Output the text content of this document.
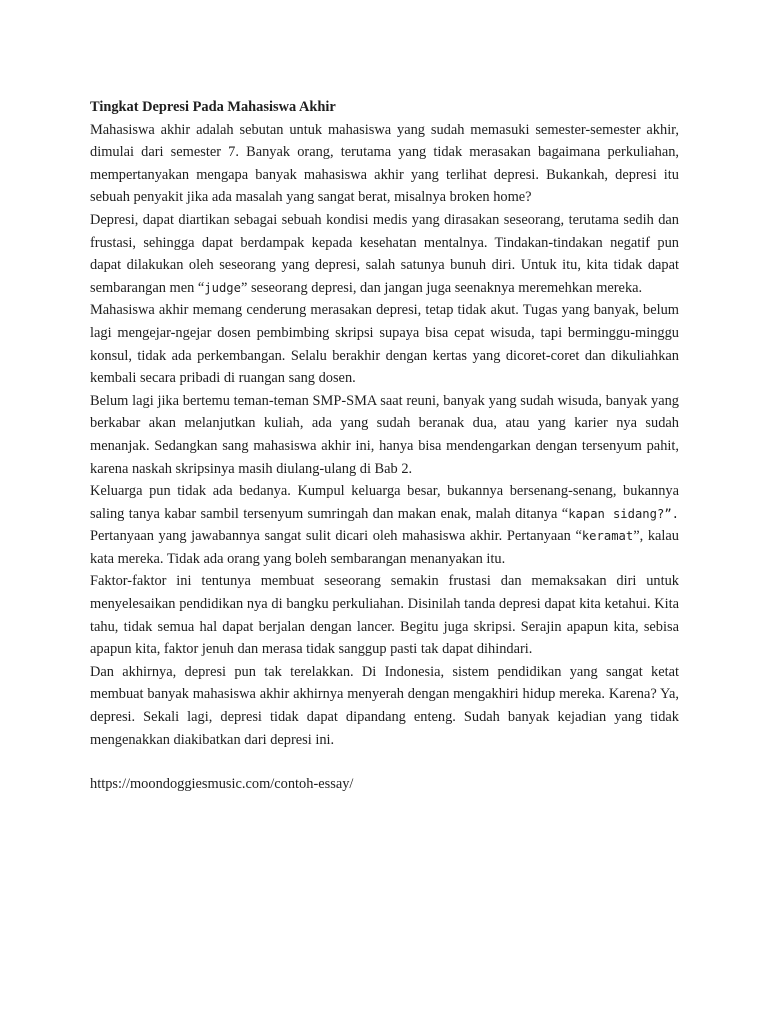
Tingkat Depresi Pada Mahasiswa Akhir

Mahasiswa akhir adalah sebutan untuk mahasiswa yang sudah memasuki semester-semester akhir, dimulai dari semester 7. Banyak orang, terutama yang tidak merasakan bagaimana perkuliahan, mempertanyakan mengapa banyak mahasiswa akhir yang terlihat depresi. Bukankah, depresi itu sebuah penyakit jika ada masalah yang sangat berat, misalnya broken home?

Depresi, dapat diartikan sebagai sebuah kondisi medis yang dirasakan seseorang, terutama sedih dan frustasi, sehingga dapat berdampak kepada kesehatan mentalnya. Tindakan-tindakan negatif pun dapat dilakukan oleh seseorang yang depresi, salah satunya bunuh diri. Untuk itu, kita tidak dapat sembarangan men “judge” seseorang depresi, dan jangan juga seenaknya meremehkan mereka.

Mahasiswa akhir memang cenderung merasakan depresi, tetap tidak akut. Tugas yang banyak, belum lagi mengejar-ngejar dosen pembimbing skripsi supaya bisa cepat wisuda, tapi berminggu-minggu konsul, tidak ada perkembangan. Selalu berakhir dengan kertas yang dicoret-coret dan dikuliahkan kembali secara pribadi di ruangan sang dosen.

Belum lagi jika bertemu teman-teman SMP-SMA saat reuni, banyak yang sudah wisuda, banyak yang berkabar akan melanjutkan kuliah, ada yang sudah beranak dua, atau yang karier nya sudah menanjak. Sedangkan sang mahasiswa akhir ini, hanya bisa mendengarkan dengan tersenyum pahit, karena naskah skripsinya masih diulang-ulang di Bab 2.

Keluarga pun tidak ada bedanya. Kumpul keluarga besar, bukannya bersenang-senang, bukannya saling tanya kabar sambil tersenyum sumringah dan makan enak, malah ditanya “kapan sidang?”. Pertanyaan yang jawabannya sangat sulit dicari oleh mahasiswa akhir. Pertanyaan “keramat”, kalau kata mereka. Tidak ada orang yang boleh sembarangan menanyakan itu.

Faktor-faktor ini tentunya membuat seseorang semakin frustasi dan memaksakan diri untuk menyelesaikan pendidikan nya di bangku perkuliahan. Disinilah tanda depresi dapat kita ketahui. Kita tahu, tidak semua hal dapat berjalan dengan lancer. Begitu juga skripsi. Serajin apapun kita, sebisa apapun kita, faktor jenuh dan merasa tidak sanggup pasti tak dapat dihindari.

Dan akhirnya, depresi pun tak terelakkan. Di Indonesia, sistem pendidikan yang sangat ketat membuat banyak mahasiswa akhir akhirnya menyerah dengan mengakhiri hidup mereka. Karena? Ya, depresi. Sekali lagi, depresi tidak dapat dipandang enteng. Sudah banyak kejadian yang tidak mengenakkan diakibatkan dari depresi ini.

https://moondoggiesmusic.com/contoh-essay/
